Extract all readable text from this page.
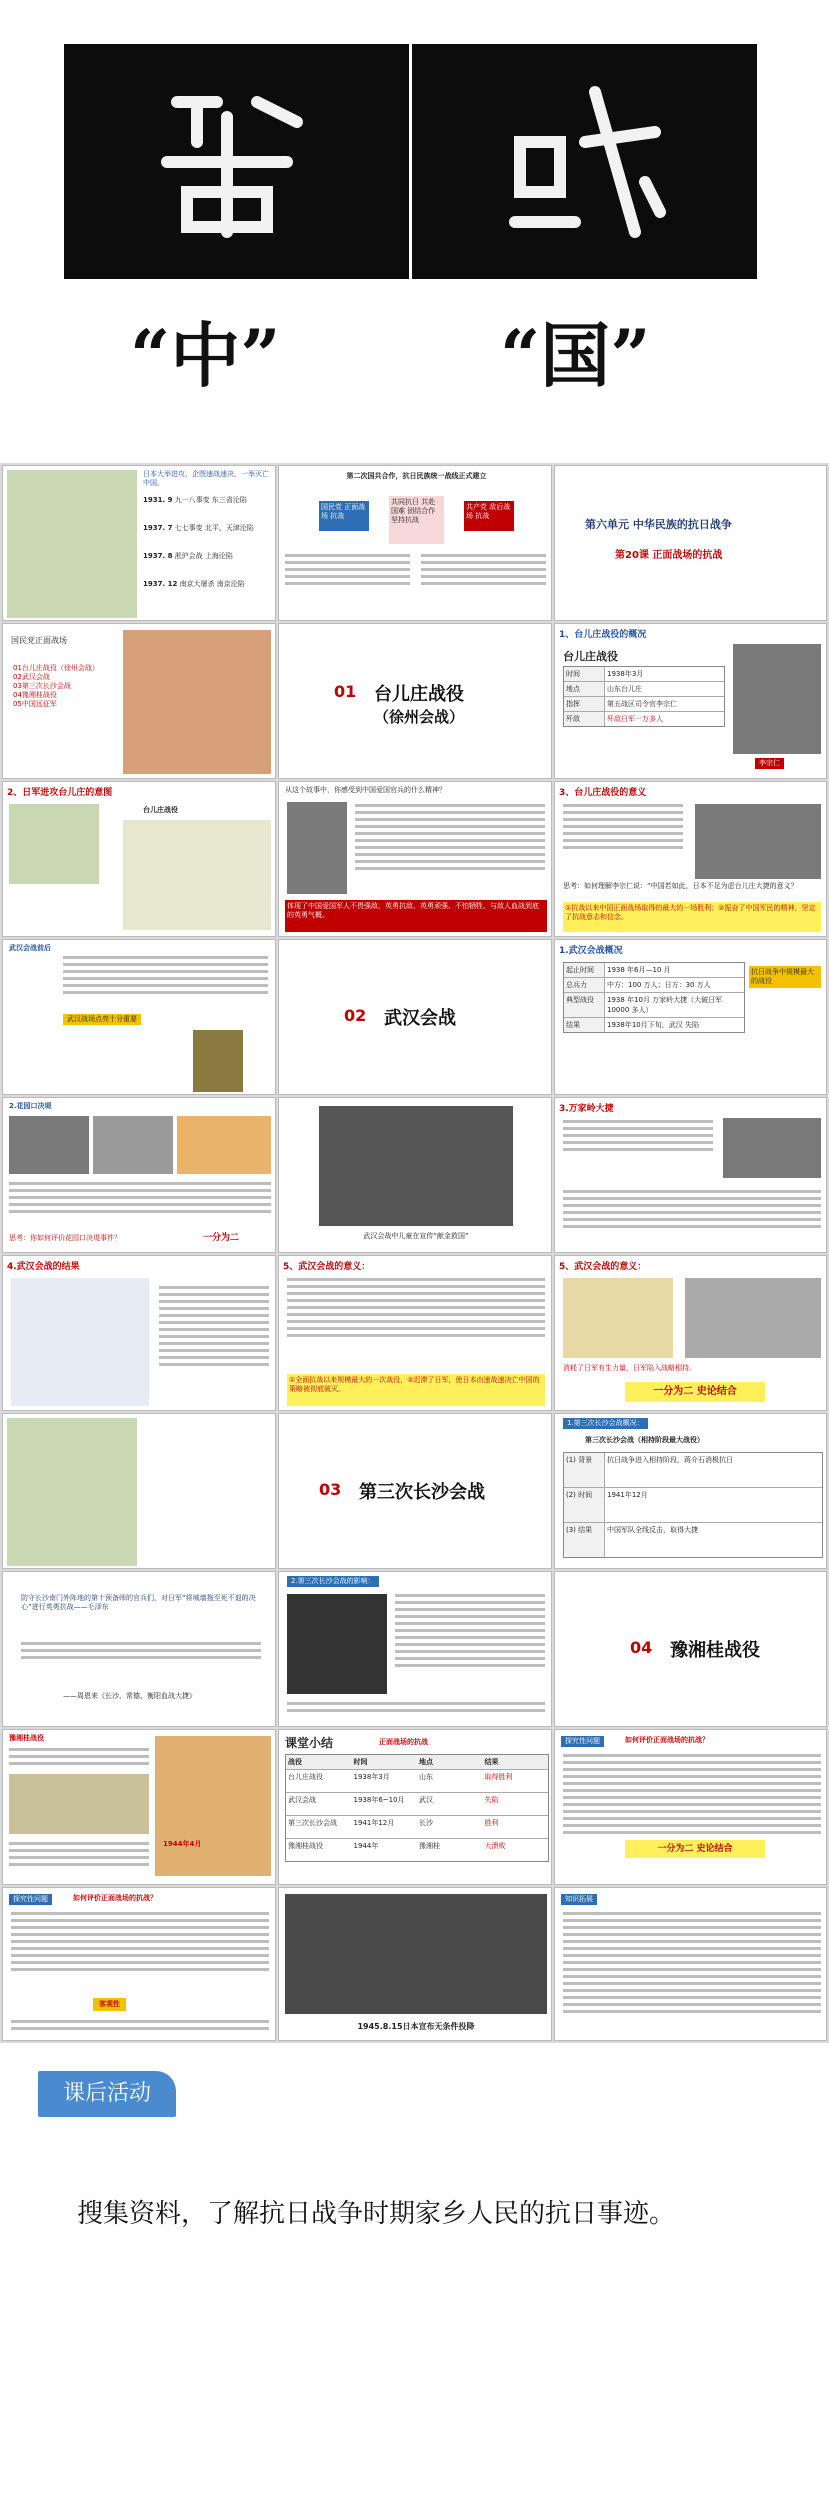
“中”	“国”
日本大举进攻，企图速战速决，一举灭亡中国。
1931. 9 九一八事变 东三省沦陷
1937. 7 七七事变 北平、天津沦陷
1937. 8 淞沪会战 上海沦陷
1937. 12 南京大屠杀 南京沦陷
第二次国共合作，抗日民族统一战线正式建立
国民党 正面战场 抗战
共同抗日 共赴国难 团结合作 坚持抗战
共产党 敌后战场 抗战
第六单元 中华民族的抗日战争
第20课 正面战场的抗战
国民党正面战场
01台儿庄战役（徐州会战）
02武汉会战
03第三次长沙会战
04豫湘桂战役
05中国远征军
01 台儿庄战役
（徐州会战）
1、台儿庄战役的概况
台儿庄战役
时间	1938年3月
地点	山东台儿庄
指挥	第五战区司令官李宗仁
歼敌	歼敌日军一万多人
李宗仁
2、日军进攻台儿庄的意图
台儿庄战役
从这个故事中，你感受到中国爱国官兵的什么精神？
体现了中国爱国军人不畏强敌、英勇抗敌、英勇顽强、不怕牺牲、与敌人血战到底的英勇气概。
3、台儿庄战役的意义
思考：如何理解李宗仁说：“中国若如此，日本不足为虑台儿庄大捷的意义？
①抗战以来中国正面战场取得的最大的一场胜利；②振奋了中国军民的精神，坚定了抗战意志和信念。
武汉会战前后
武汉战场点亮十分重要	02 武汉会战
1.武汉会战概况
起止时间	1938 年6月—10 月
总兵力	中方：100 万人；日方：30 万人
典型战役	1938 年10月 万家岭大捷（大破日军 10000 多人）
结果	1938年10月下旬，武汉 失陷
抗日战争中规模最大的战役
2.花园口决堤
思考：你如何评价花园口决堤事件？	一分为二	武汉会战中儿童在宣传“献金救国”
3.万家岭大捷
4.武汉会战的结果	5、武汉会战的意义：
①全面抗战以来规模最大的一次战役，②迟滞了日军，使日本由速战速决亡中国的策略被彻底破灭。
5、武汉会战的意义：
消耗了日军有生力量，日军陷入战略相持。
一分为二 史论结合
03 第三次长沙会战
1.第三次长沙会战概况：
第三次长沙会战（相持阶段最大战役）
(1) 背景	抗日战争进入相持阶段，蒋介石消极抗日
(2) 时间	1941年12月
(3) 结果	中国军队全线反击，取得大捷
防守长沙南门外阵地的第十预备师的官兵们，对日军“将城墙拖至死不退的决心”进行英勇抗战——毛泽东
——周恩来《长沙、常德、衡阳血战大捷》
2.第三次长沙会战的影响：
04 豫湘桂战役
豫湘桂战役
1944年4月
课堂小结	正面战场的抗战
战役	时间	地点	结果
台儿庄战役	1938年3月	山东	取得胜利
武汉会战	1938年6~10月	武汉	失陷
第三次长沙会战	1941年12月	长沙	胜利
豫湘桂战役	1944年	豫湘桂	大溃败
探究性问题	如何评价正面战场的抗战？
一分为二 史论结合
探究性问题	如何评价正面战场的抗战？
客观性
1945.8.15日本宣布无条件投降
知识拓展
课后活动
搜集资料，了解抗日战争时期家乡人民的抗日事迹。
